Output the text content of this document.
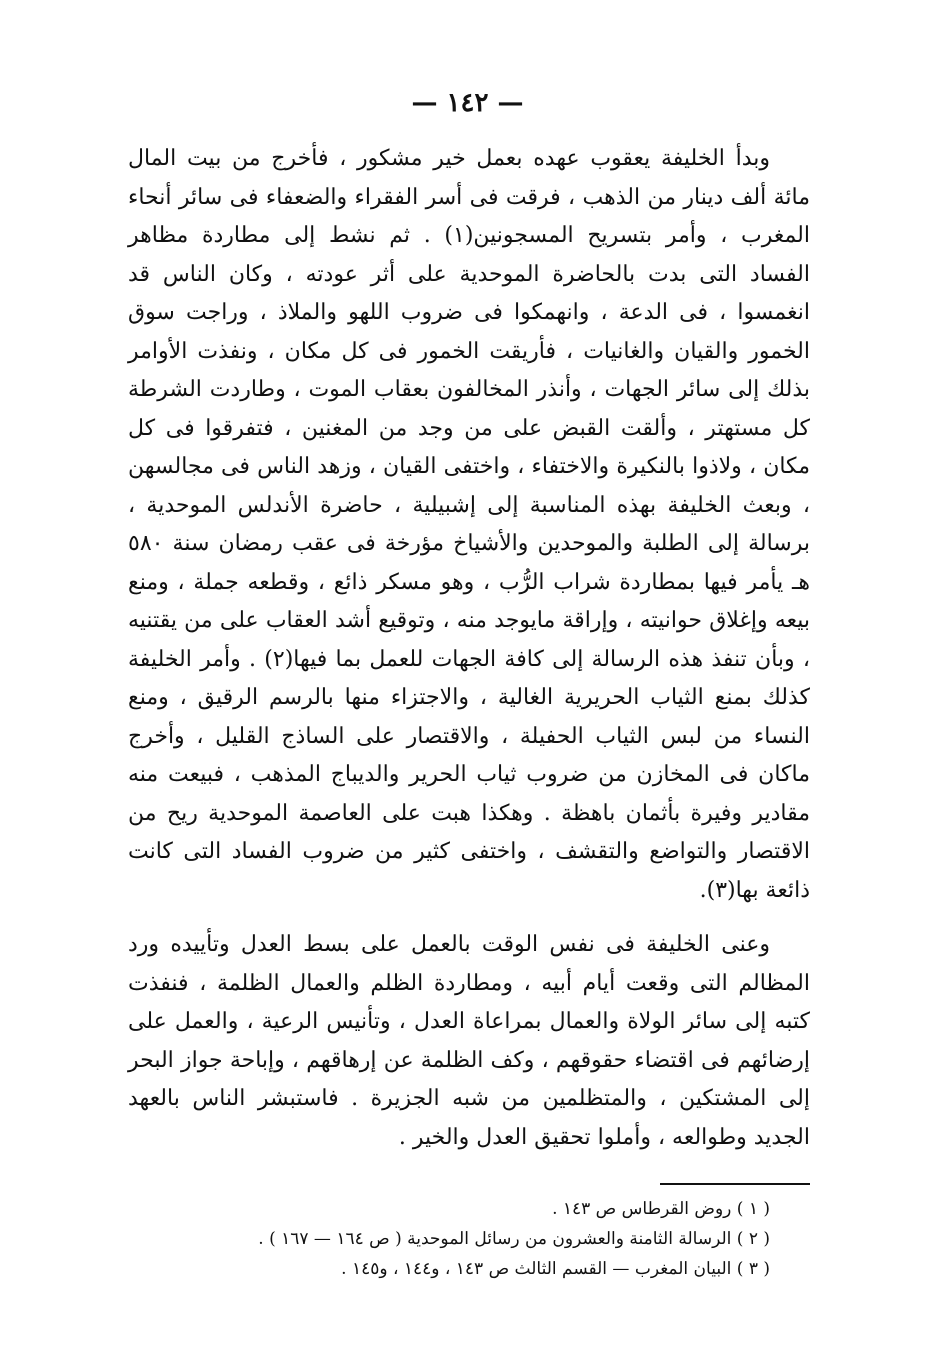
— ١٤٢ —

وبدأ الخليفة يعقوب عهده بعمل خير مشكور ، فأخرج من بيت المال مائة ألف دينار من الذهب ، فرقت فى أسر الفقراء والضعفاء فى سائر أنحاء المغرب ، وأمر بتسريح المسجونين(١) . ثم نشط إلى مطاردة مظاهر الفساد التى بدت بالحاضرة الموحدية على أثر عودته ، وكان الناس قد انغمسوا ، فى الدعة ، وانهمكوا فى ضروب اللهو والملاذ ، وراجت سوق الخمور والقيان والغانيات ، فأريقت الخمور فى كل مكان ، ونفذت الأوامر بذلك إلى سائر الجهات ، وأنذر المخالفون بعقاب الموت ، وطاردت الشرطة كل مستهتر ، وألقت القبض على من وجد من المغنين ، فتفرقوا فى كل مكان ، ولاذوا بالنكيرة والاختفاء ، واختفى القيان ، وزهد الناس فى مجالسهن ، وبعث الخليفة بهذه المناسبة إلى إشبيلية ، حاضرة الأندلس الموحدية ، برسالة إلى الطلبة والموحدين والأشياخ مؤرخة فى عقب رمضان سنة ٥٨٠ هـ يأمر فيها بمطاردة شراب الرُّب ، وهو مسكر ذائع ، وقطعه جملة ، ومنع بيعه وإغلاق حوانيته ، وإراقة مايوجد منه ، وتوقيع أشد العقاب على من يقتنيه ، وبأن تنفذ هذه الرسالة إلى كافة الجهات للعمل بما فيها(٢) . وأمر الخليفة كذلك بمنع الثياب الحريرية الغالية ، والاجتزاء منها بالرسم الرقيق ، ومنع النساء من لبس الثياب الحفيلة ، والاقتصار على الساذج القليل ، وأخرج ماكان فى المخازن من ضروب ثياب الحرير والديباج المذهب ، فبيعت منه مقادير وفيرة بأثمان باهظة . وهكذا هبت على العاصمة الموحدية ريح من الاقتصار والتواضع والتقشف ، واختفى كثير من ضروب الفساد التى كانت ذائعة بها(٣).

وعنى الخليفة فى نفس الوقت بالعمل على بسط العدل وتأييده ورد المظالم التى وقعت أيام أبيه ، ومطاردة الظلم والعمال الظلمة ، فنفذت كتبه إلى سائر الولاة والعمال بمراعاة العدل ، وتأنيس الرعية ، والعمل على إرضائهم فى اقتضاء حقوقهم ، وكف الظلمة عن إرهاقهم ، وإباحة جواز البحر إلى المشتكين ، والمتظلمين من شبه الجزيرة . فاستبشر الناس بالعهد الجديد وطوالعه ، وأملوا تحقيق العدل والخير .

( ١ ) روض القرطاس ص ١٤٣ .
( ٢ ) الرسالة الثامنة والعشرون من رسائل الموحدية ( ص ١٦٤ — ١٦٧ ) .
( ٣ ) البيان المغرب — القسم الثالث ص ١٤٣ ، و١٤٤ ، و١٤٥ .
